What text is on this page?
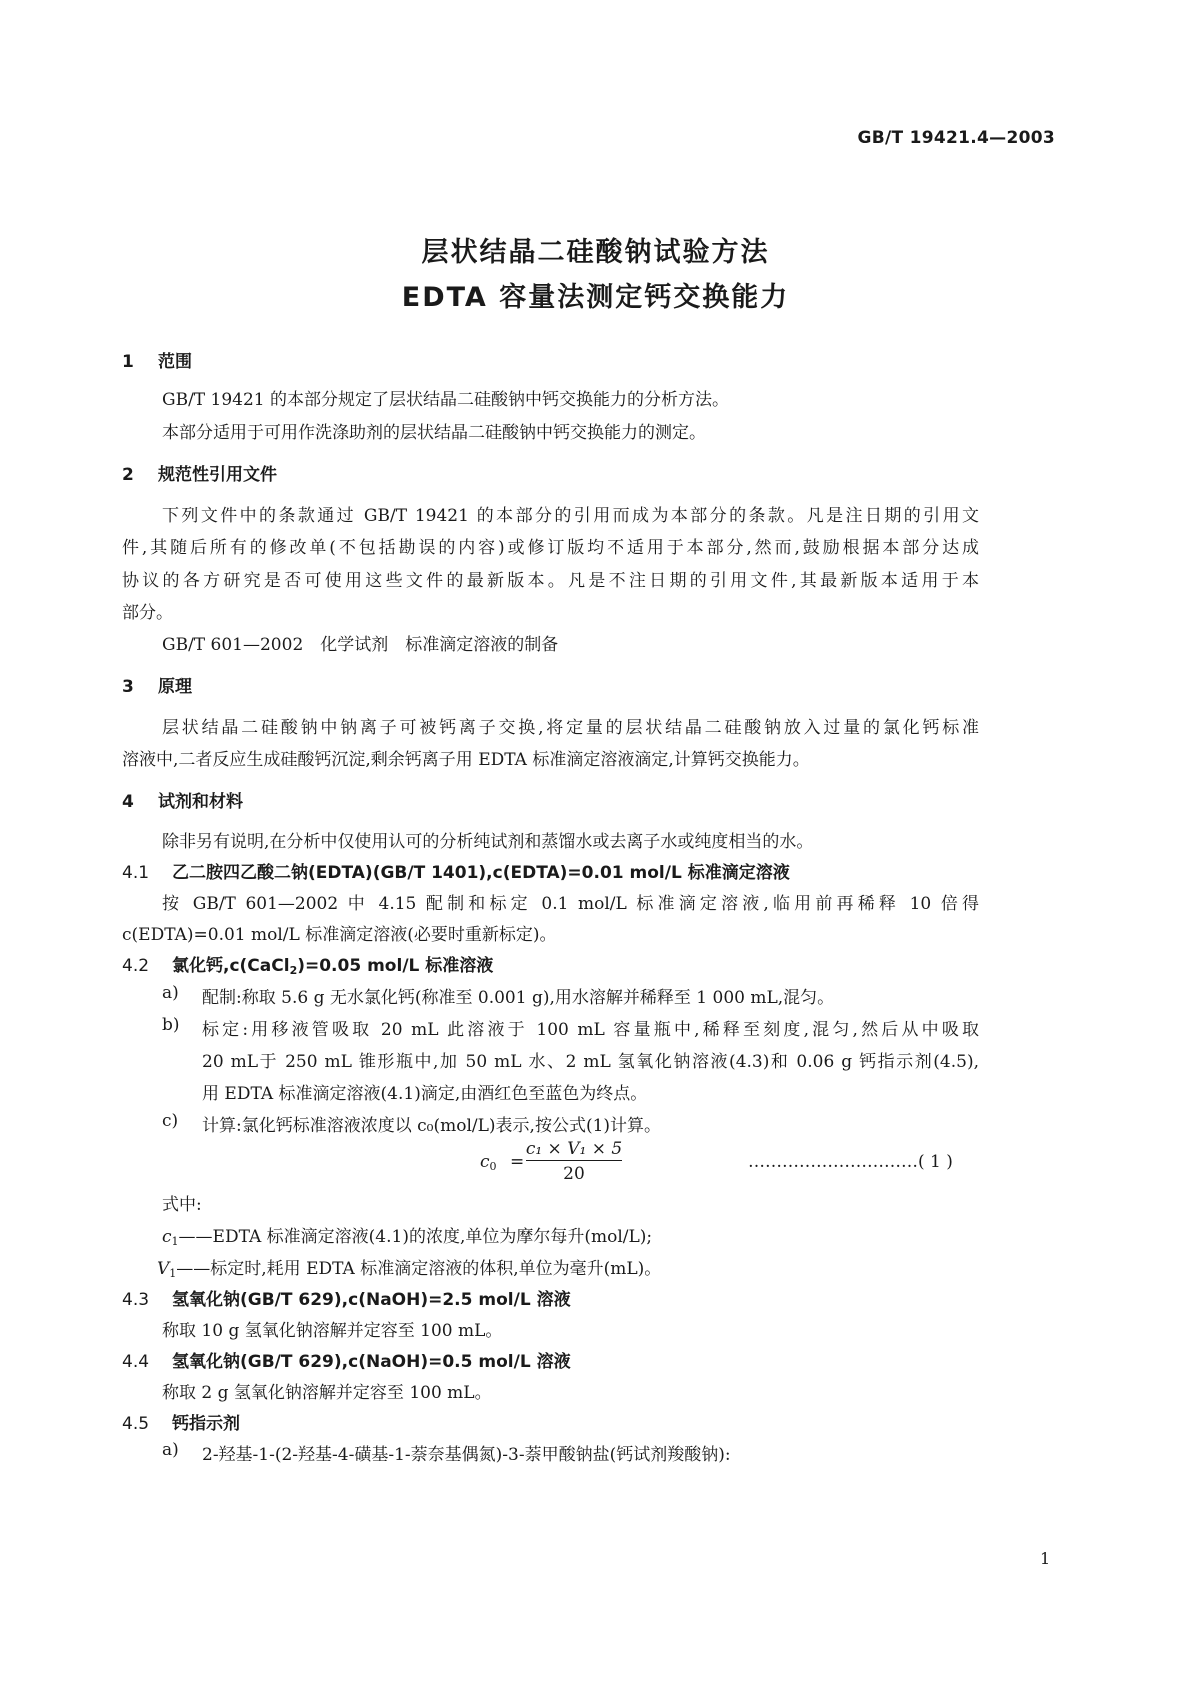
GB/T 19421.4—2003
层状结晶二硅酸钠试验方法
EDTA 容量法测定钙交换能力
1 范围
GB/T 19421 的本部分规定了层状结晶二硅酸钠中钙交换能力的分析方法。
本部分适用于可用作洗涤助剂的层状结晶二硅酸钠中钙交换能力的测定。
2 规范性引用文件
下列文件中的条款通过 GB/T 19421 的本部分的引用而成为本部分的条款。凡是注日期的引用文
件,其随后所有的修改单(不包括勘误的内容)或修订版均不适用于本部分,然而,鼓励根据本部分达成
协议的各方研究是否可使用这些文件的最新版本。凡是不注日期的引用文件,其最新版本适用于本
部分。
GB/T 601—2002　化学试剂　标准滴定溶液的制备
3 原理
层状结晶二硅酸钠中钠离子可被钙离子交换,将定量的层状结晶二硅酸钠放入过量的氯化钙标准
溶液中,二者反应生成硅酸钙沉淀,剩余钙离子用 EDTA 标准滴定溶液滴定,计算钙交换能力。
4 试剂和材料
除非另有说明,在分析中仅使用认可的分析纯试剂和蒸馏水或去离子水或纯度相当的水。
4.1 乙二胺四乙酸二钠(EDTA)(GB/T 1401),c(EDTA)=0.01 mol/L 标准滴定溶液
按 GB/T 601—2002 中 4.15 配制和标定 0.1 mol/L 标准滴定溶液,临用前再稀释 10 倍得
c(EDTA)=0.01 mol/L 标准滴定溶液(必要时重新标定)。
4.2 氯化钙,c(CaCl$_2$)=0.05 mol/L 标准溶液
a) 配制:称取 5.6 g 无水氯化钙(称准至 0.001 g),用水溶解并稀释至 1 000 mL,混匀。
b) 标定:用移液管吸取 20 mL 此溶液于 100 mL 容量瓶中,稀释至刻度,混匀,然后从中吸取
20 mL于 250 mL 锥形瓶中,加 50 mL 水、2 mL 氢氧化钠溶液(4.3)和 0.06 g 钙指示剂(4.5),
用 EDTA 标准滴定溶液(4.1)滴定,由酒红色至蓝色为终点。
c) 计算:氯化钙标准溶液浓度以 c₀(mol/L)表示,按公式(1)计算。
$c_0$ =
c₁ × V₁ × 5
20
…………………………( 1 )
式中:
$c_1——EDTA$ 标准滴定溶液(4.1)的浓度,单位为摩尔每升(mol/L);
$V_1——$标定时,耗用 EDTA 标准滴定溶液的体积,单位为毫升(mL)。
4.3 氢氧化钠(GB/T 629),c(NaOH)=2.5 mol/L 溶液
称取 10 g 氢氧化钠溶解并定容至 100 mL。
4.4 氢氧化钠(GB/T 629),c(NaOH)=0.5 mol/L 溶液
称取 2 g 氢氧化钠溶解并定容至 100 mL。
4.5 钙指示剂
a) 2-羟基-1-(2-羟基-4-磺基-1-萘奈基偶氮)-3-萘甲酸钠盐(钙试剂羧酸钠):
1
